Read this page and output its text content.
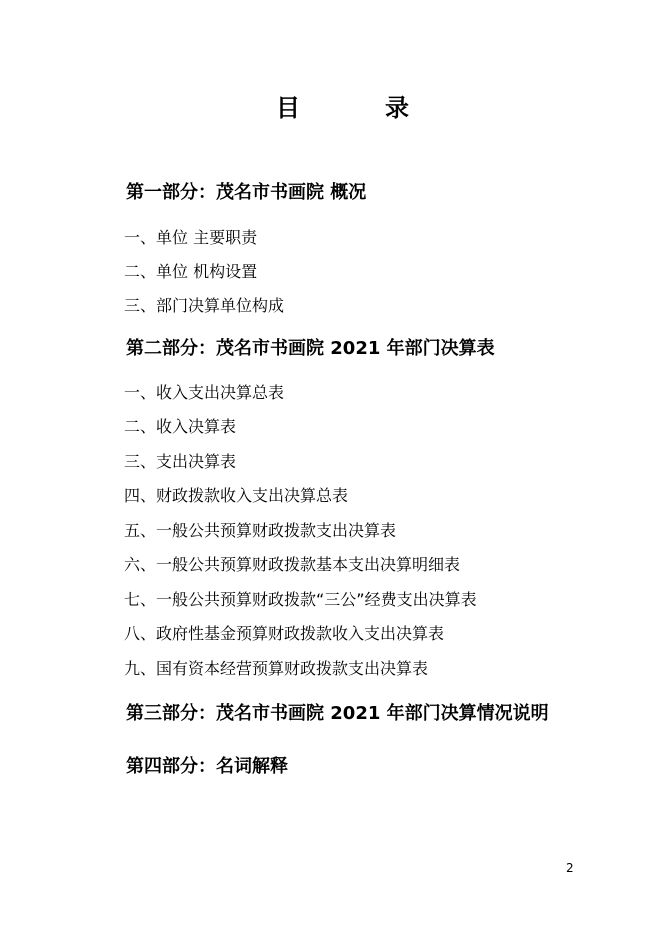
目	录
第一部分：茂名市书画院 概况
一、单位 主要职责
二、单位 机构设置
三、部门决算单位构成
第二部分：茂名市书画院 2021 年部门决算表
一、收入支出决算总表
二、收入决算表
三、支出决算表
四、财政拨款收入支出决算总表
五、一般公共预算财政拨款支出决算表
六、一般公共预算财政拨款基本支出决算明细表
七、一般公共预算财政拨款“三公”经费支出决算表
八、政府性基金预算财政拨款收入支出决算表
九、国有资本经营预算财政拨款支出决算表
第三部分：茂名市书画院 2021 年部门决算情况说明
第四部分：名词解释
2
